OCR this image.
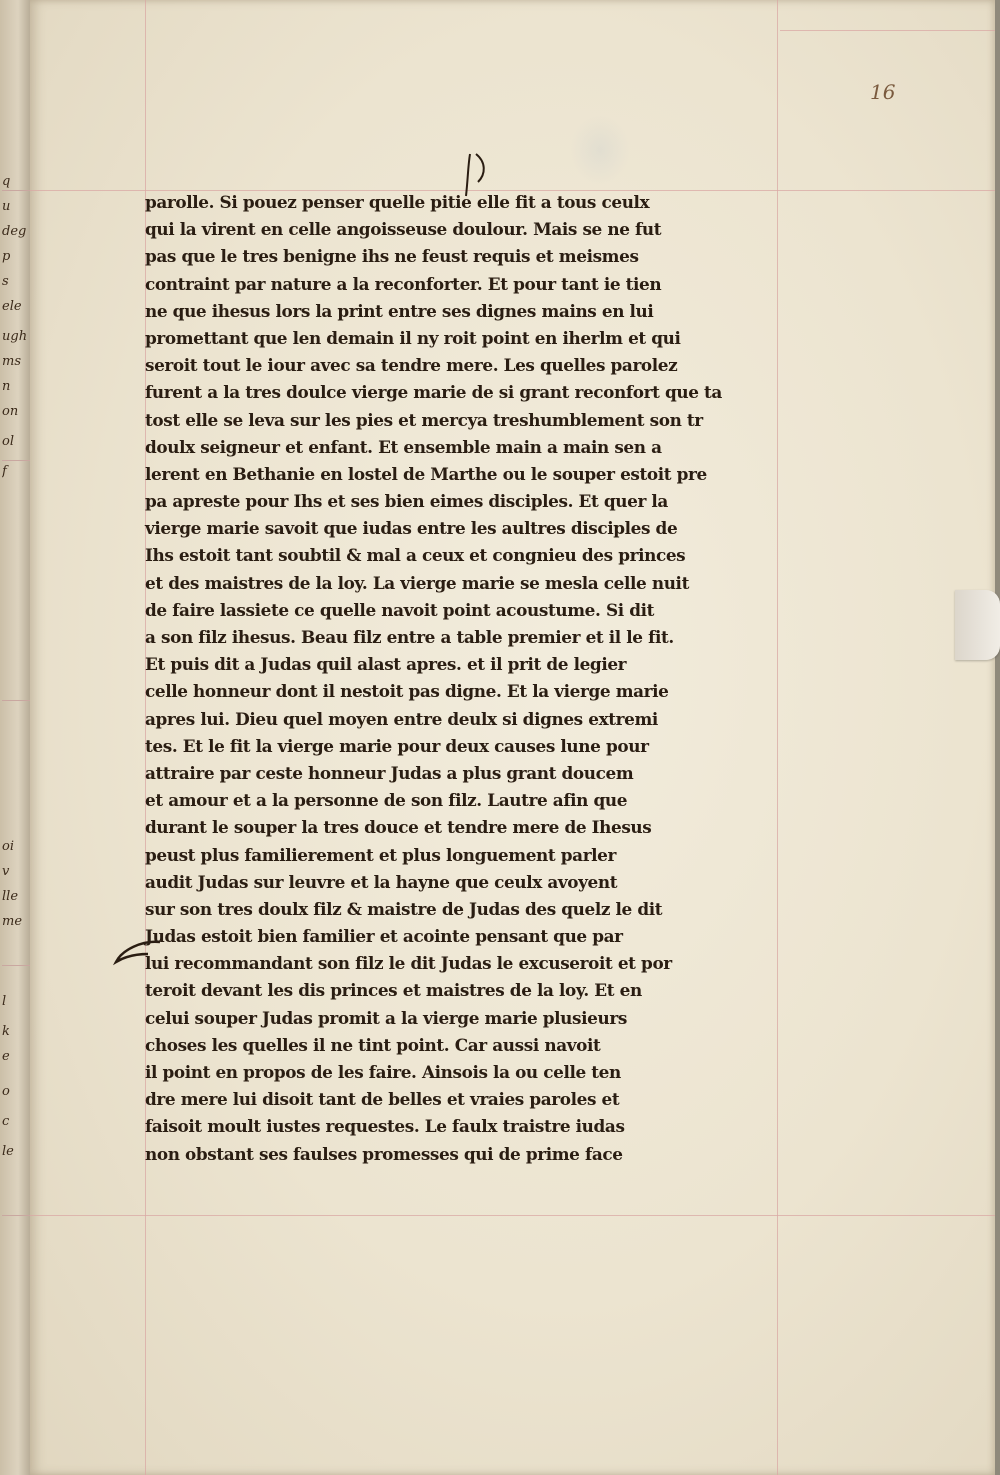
q
u
deg
p
s
ele
ugh
ms
n
on
ol
f
oi
v
lle
me
l
k
e
o
c
le
16
parolle. Si pouez penser quelle pitie elle fit a tous ceulx
qui la virent en celle angoisseuse doulour. Mais se ne fut
pas que le tres benigne ihs ne feust requis et meismes
contraint par nature a la reconforter. Et pour tant ie tien
ne que ihesus lors la print entre ses dignes mains en lui
promettant que len demain il ny roit point en iherlm et qui
seroit tout le iour avec sa tendre mere. Les quelles parolez
furent a la tres doulce vierge marie de si grant reconfort que ta
tost elle se leva sur les pies et mercya treshumblement son tr
doulx seigneur et enfant. Et ensemble main a main sen a
lerent en Bethanie en lostel de Marthe ou le souper estoit pre
pa apreste pour Ihs et ses bien eimes disciples. Et quer la
vierge marie savoit que iudas entre les aultres disciples de
Ihs estoit tant soubtil & mal a ceux et congnieu des princes
et des maistres de la loy. La vierge marie se mesla celle nuit
de faire lassiete ce quelle navoit point acoustume. Si dit
a son filz ihesus. Beau filz entre a table premier et il le fit.
Et puis dit a Judas quil alast apres. et il prit de legier
celle honneur dont il nestoit pas digne. Et la vierge marie
apres lui. Dieu quel moyen entre deulx si dignes extremi
tes. Et le fit la vierge marie pour deux causes lune pour
attraire par ceste honneur Judas a plus grant doucem
et amour et a la personne de son filz. Lautre afin que
durant le souper la tres douce et tendre mere de Ihesus
peust plus familierement et plus longuement parler
audit Judas sur leuvre et la hayne que ceulx avoyent
sur son tres doulx filz & maistre de Judas des quelz le dit
Judas estoit bien familier et acointe pensant que par
lui recommandant son filz le dit Judas le excuseroit et por
teroit devant les dis princes et maistres de la loy. Et en
celui souper Judas promit a la vierge marie plusieurs
choses les quelles il ne tint point. Car aussi navoit
il point en propos de les faire. Ainsois la ou celle ten
dre mere lui disoit tant de belles et vraies paroles et
faisoit moult iustes requestes. Le faulx traistre iudas
non obstant ses faulses promesses qui de prime face
